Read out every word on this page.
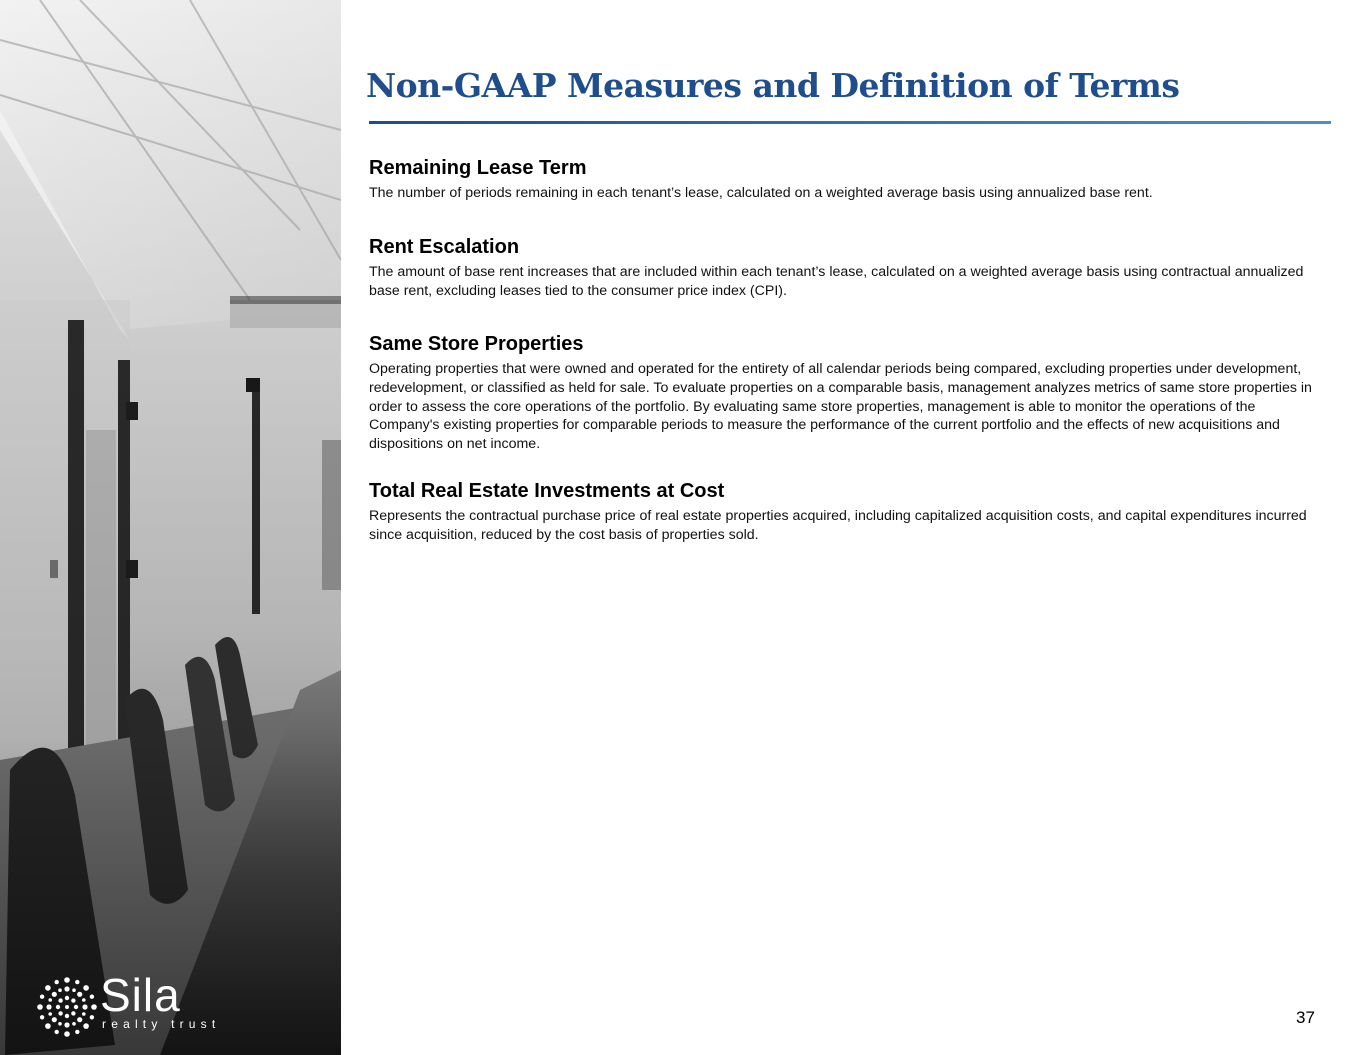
Sila
realty trust
Non-GAAP Measures and Definition of Terms
Remaining Lease Term

The number of periods remaining in each tenant’s lease, calculated on a weighted average basis using annualized base rent.

Rent Escalation

The amount of base rent increases that are included within each tenant’s lease, calculated on a weighted average basis using contractual annualized base rent, excluding leases tied to the consumer price index (CPI).

Same Store Properties

Operating properties that were owned and operated for the entirety of all calendar periods being compared, excluding properties under development, redevelopment, or classified as held for sale. To evaluate properties on a comparable basis, management analyzes metrics of same store properties in order to assess the core operations of the portfolio. By evaluating same store properties, management is able to monitor the operations of the Company's existing properties for comparable periods to measure the performance of the current portfolio and the effects of new acquisitions and dispositions on net income.

Total Real Estate Investments at Cost

Represents the contractual purchase price of real estate properties acquired, including capitalized acquisition costs, and capital expenditures incurred since acquisition, reduced by the cost basis of properties sold.

37
